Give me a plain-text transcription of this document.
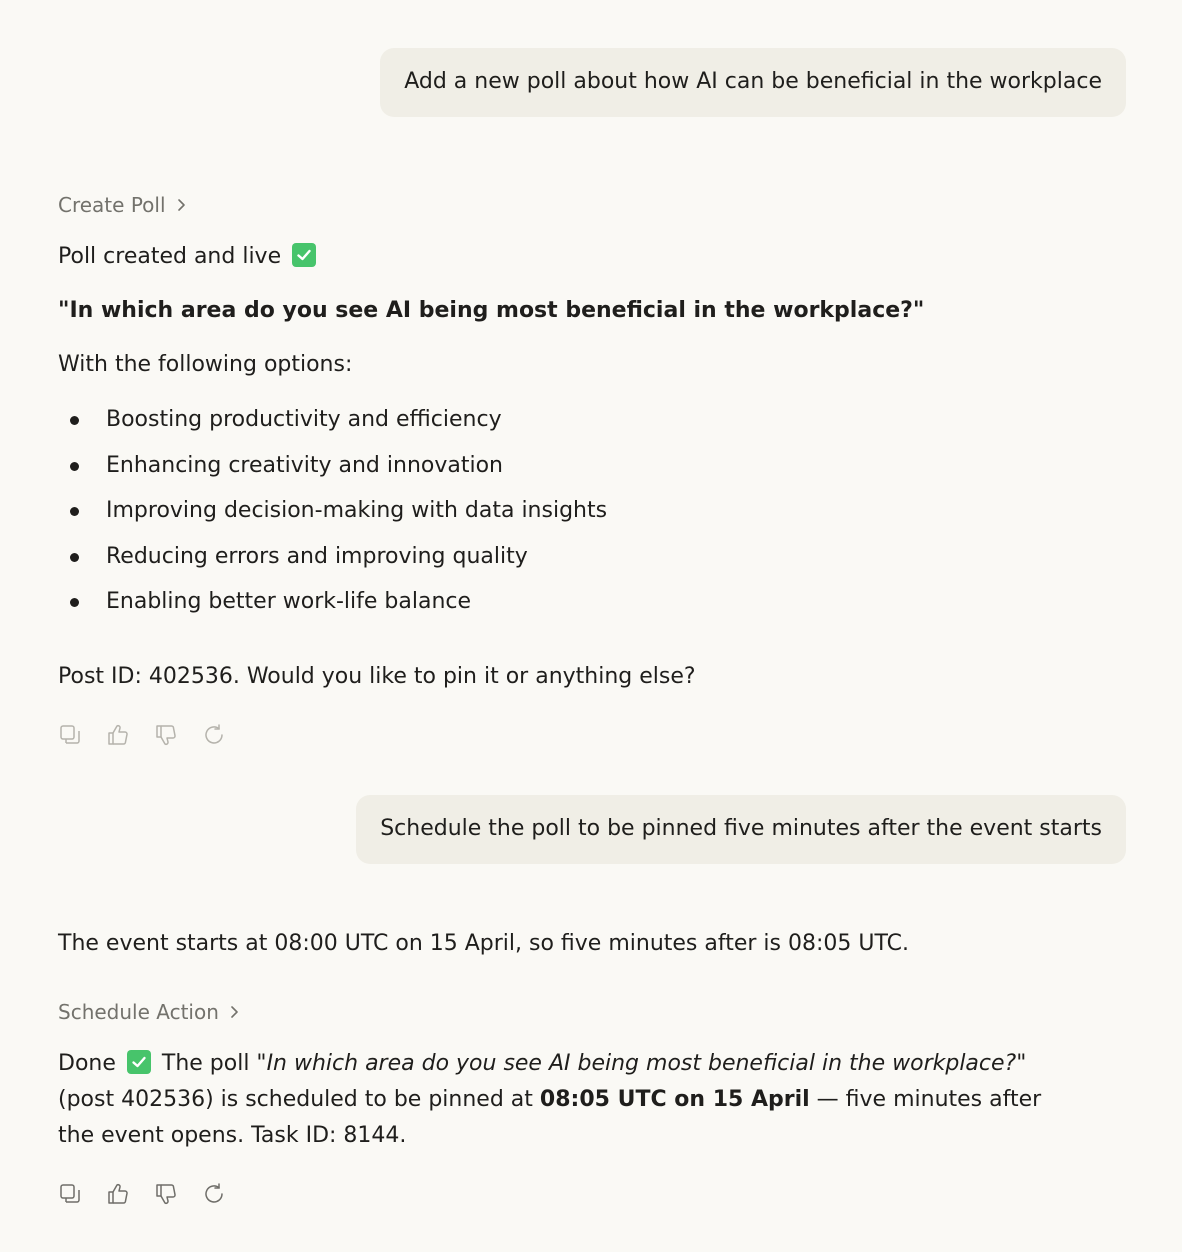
Add a new poll about how AI can be beneficial in the workplace
Create Poll
Poll created and live
"In which area do you see AI being most beneficial in the workplace?"
With the following options:
Boosting productivity and efficiency
Enhancing creativity and innovation
Improving decision-making with data insights
Reducing errors and improving quality
Enabling better work-life balance
Post ID: 402536. Would you like to pin it or anything else?
Schedule the poll to be pinned five minutes after the event starts
The event starts at 08:00 UTC on 15 April, so five minutes after is 08:05 UTC.
Schedule Action
Done
The poll "In which area do you see AI being most beneficial in the workplace?" (post 402536) is scheduled to be pinned at 08:05 UTC on 15 April — five minutes after the event opens. Task ID: 8144.
